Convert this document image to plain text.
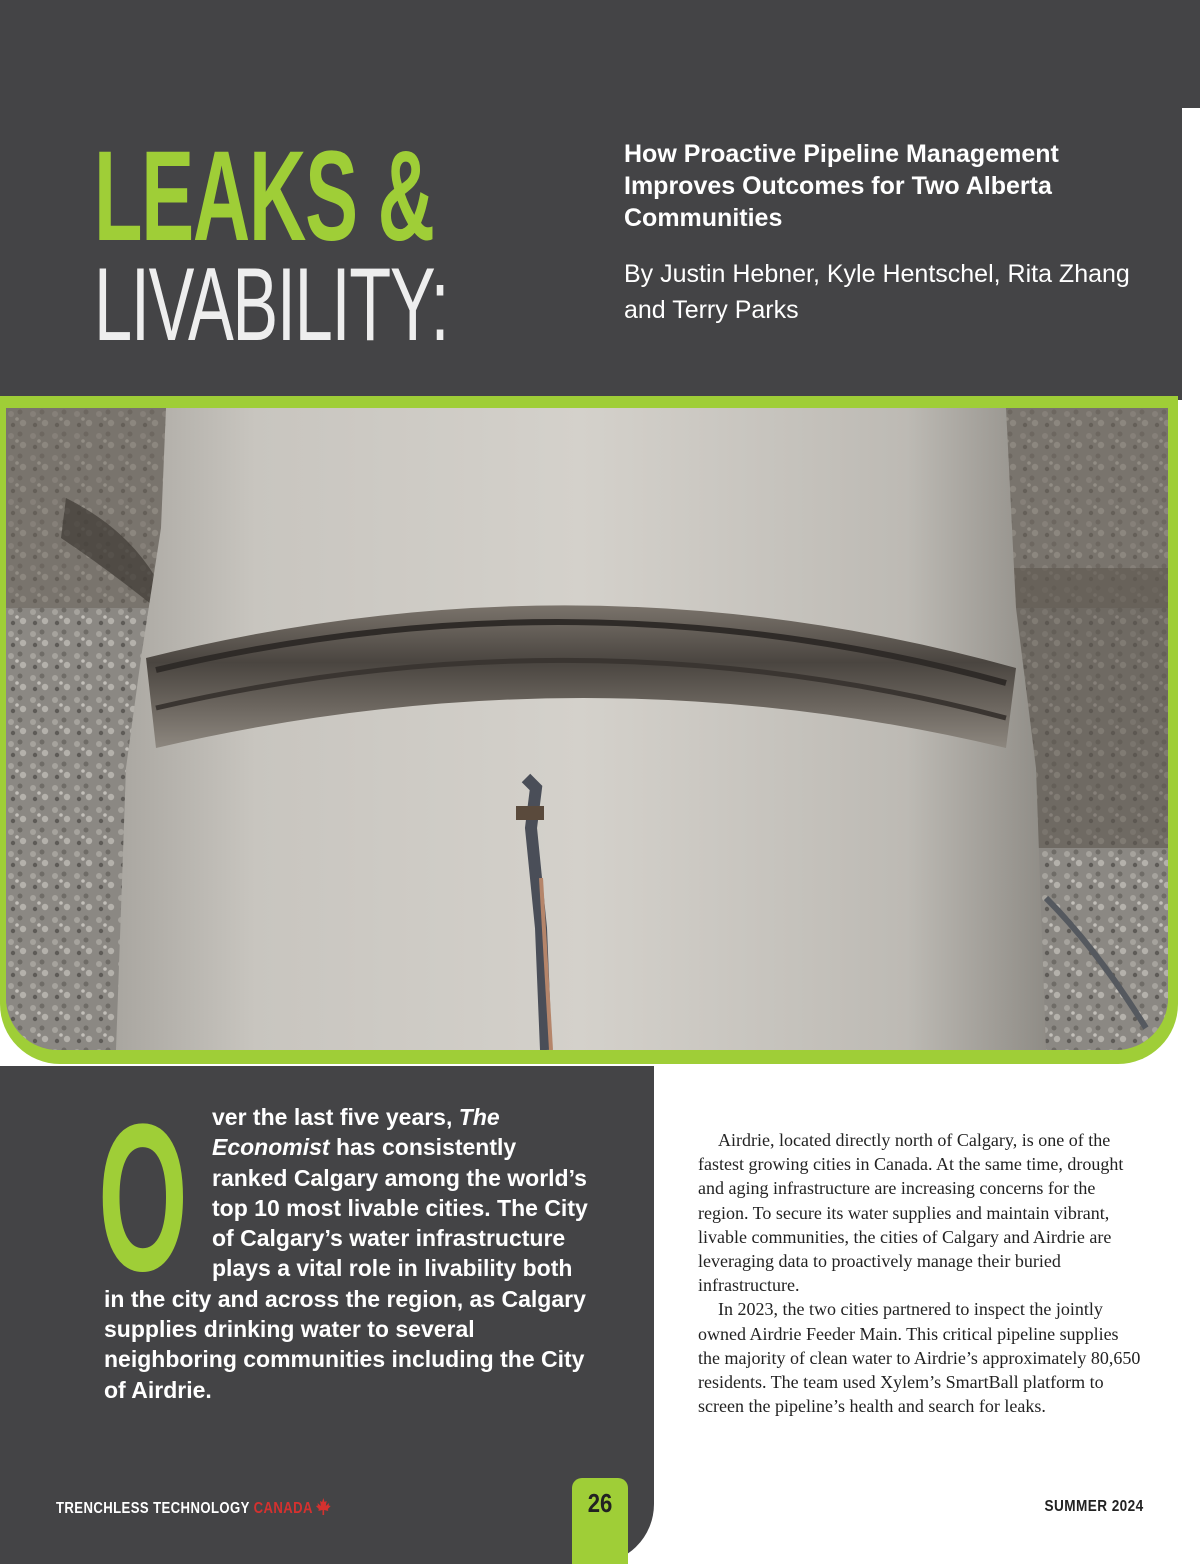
LEAKS &
LIVABILITY:

How Proactive Pipeline Management Improves Outcomes for Two Alberta Communities

By Justin Hebner, Kyle Hentschel, Rita Zhang and Terry Parks

O	ver the last five years, The Economist has consistently ranked Calgary among the world’s top 10 most livable cities. The City of Calgary’s water infrastructure plays a vital role in livability both in the city and across the region, as Calgary supplies drinking water to several neighboring communities including the City of Airdrie.

Airdrie, located directly north of Calgary, is one of the fastest growing cities in Canada. At the same time, drought and aging infrastructure are increasing concerns for the region. To secure its water supplies and maintain vibrant, livable communities, the cities of Calgary and Airdrie are leveraging data to proactively manage their buried infrastructure.

In 2023, the two cities partnered to inspect the jointly owned Airdrie Feeder Main. This critical pipeline supplies the majority of clean water to Airdrie’s approximately 80,650 residents. The team used Xylem’s SmartBall platform to screen the pipeline’s health and search for leaks.

TRENCHLESS TECHNOLOGY CANADA	26	SUMMER 2024
